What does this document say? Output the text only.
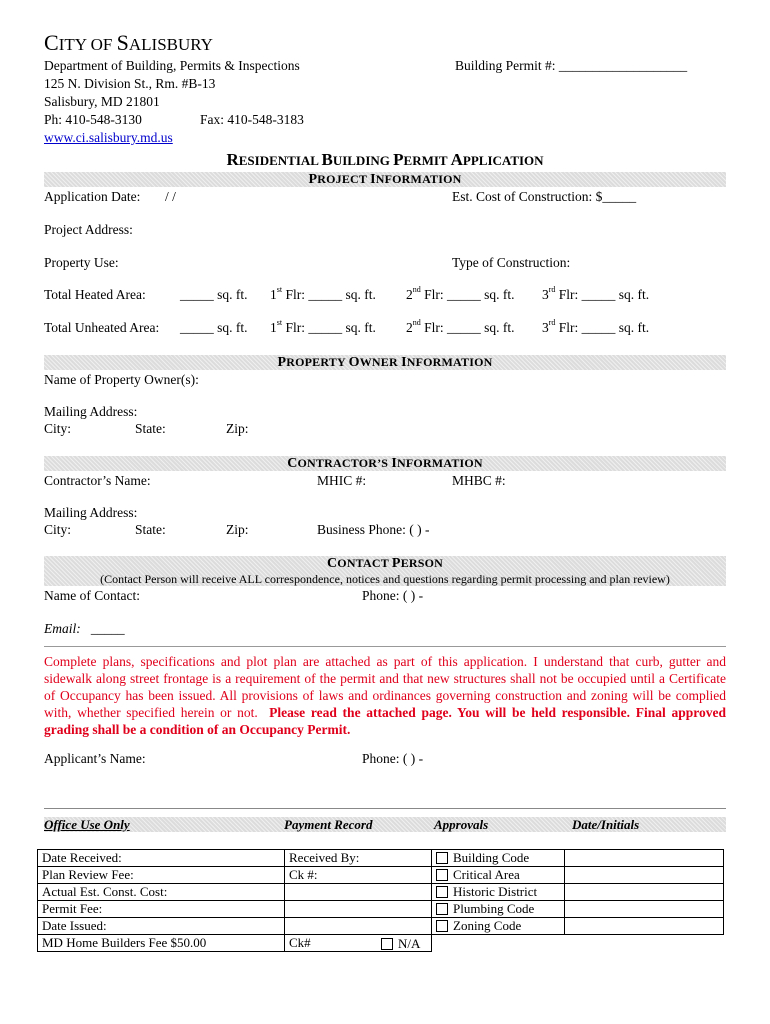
CITY OF SALISBURY
Department of Building, Permits & Inspections	Building Permit #: ___________________
125 N. Division St., Rm. #B-13
Salisbury, MD 21801
Ph: 410-548-3130	Fax: 410-548-3183
www.ci.salisbury.md.us
RESIDENTIAL BUILDING PERMIT APPLICATION
PROJECT INFORMATION
Application Date: / /	Est. Cost of Construction: $_____
Project Address:
Property Use:	Type of Construction:
Total Heated Area:	_____ sq. ft. 1st Flr: _____ sq. ft. 2nd Flr: _____ sq. ft. 3rd Flr: _____ sq. ft.
Total Unheated Area: _____ sq. ft. 1st Flr: _____ sq. ft. 2nd Flr: _____ sq. ft. 3rd Flr: _____ sq. ft.
PROPERTY OWNER INFORMATION
Name of Property Owner(s):
Mailing Address:
City:	State:	Zip:
CONTRACTOR’S INFORMATION
Contractor’s Name:	MHIC #:	MHBC #:
Mailing Address:
City:	State:	Zip:	Business Phone: ( ) -
CONTACT PERSON
(Contact Person will receive ALL correspondence, notices and questions regarding permit processing and plan review)
Name of Contact:	Phone: ( ) -
Email: _____
Complete plans, specifications and plot plan are attached as part of this application. I understand that curb, gutter and sidewalk along street frontage is a requirement of the permit and that new structures shall not be occupied until a Certificate of Occupancy has been issued. All provisions of laws and ordinances governing construction and zoning will be complied with, whether specified herein or not. Please read the attached page. You will be held responsible. Final approved grading shall be a condition of an Occupancy Permit.
Applicant’s Name:	Phone: ( ) -
Office Use Only	Payment Record	Approvals	Date/Initials
Date Received:	Received By:	Building Code	
Plan Review Fee:	Ck #:	Critical Area	
Actual Est. Const. Cost:		Historic District	
Permit Fee:		Plumbing Code	
Date Issued:		Zoning Code	
MD Home Builders Fee $50.00	Ck# N/A		
